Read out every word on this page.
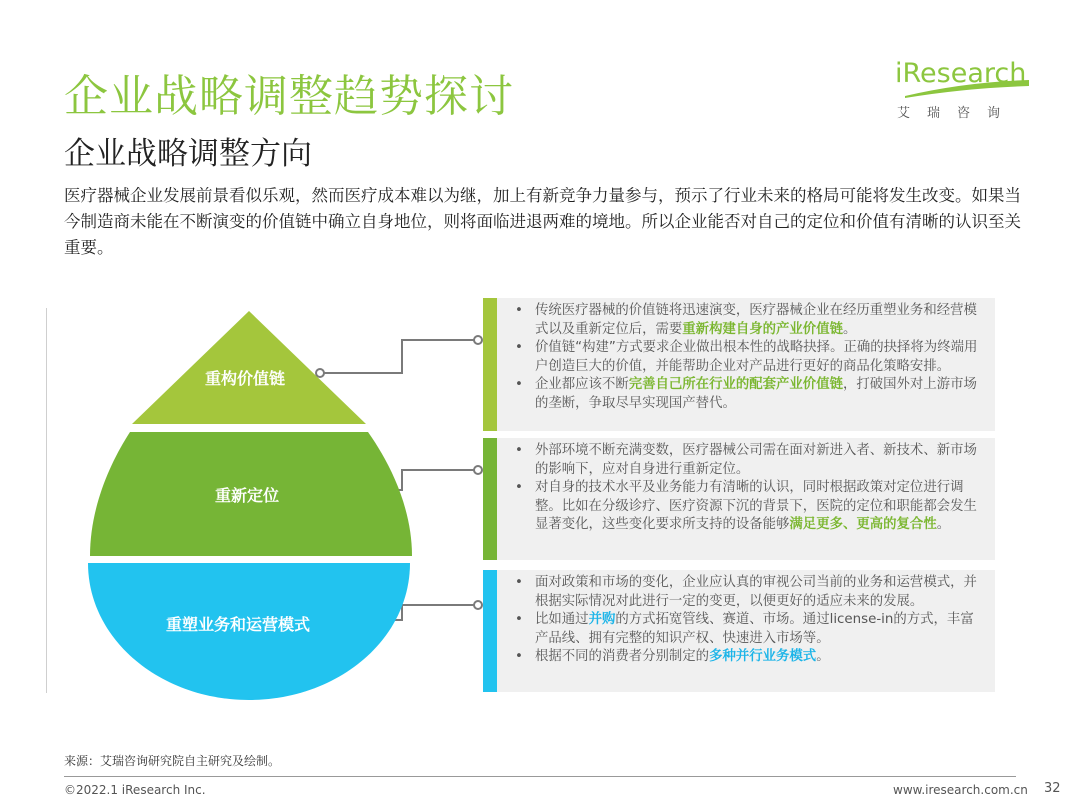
企业战略调整趋势探讨
企业战略调整方向
医疗器械企业发展前景看似乐观，然而医疗成本难以为继，加上有新竞争力量参与，预示了行业未来的格局可能将发生改变。如果当今制造商未能在不断演变的价值链中确立自身地位，则将面临进退两难的境地。所以企业能否对自己的定位和价值有清晰的认识至关重要。
iResearch
艾瑞咨询
重构价值链
重新定位
重塑业务和运营模式
• 传统医疗器械的价值链将迅速演变，医疗器械企业在经历重塑业务和经营模式以及重新定位后，需要重新构建自身的产业价值链。
• 价值链“构建”方式要求企业做出根本性的战略抉择。正确的抉择将为终端用户创造巨大的价值，并能帮助企业对产品进行更好的商品化策略安排。
• 企业都应该不断完善自己所在行业的配套产业价值链，打破国外对上游市场的垄断，争取尽早实现国产替代。
• 外部环境不断充满变数，医疗器械公司需在面对新进入者、新技术、新市场的影响下，应对自身进行重新定位。
• 对自身的技术水平及业务能力有清晰的认识，同时根据政策对定位进行调整。比如在分级诊疗、医疗资源下沉的背景下，医院的定位和职能都会发生显著变化，这些变化要求所支持的设备能够满足更多、更高的复合性。
• 面对政策和市场的变化，企业应认真的审视公司当前的业务和运营模式，并根据实际情况对此进行一定的变更，以便更好的适应未来的发展。
• 比如通过并购的方式拓宽管线、赛道、市场。通过license-in的方式，丰富产品线、拥有完整的知识产权、快速进入市场等。
• 根据不同的消费者分别制定的多种并行业务模式。
来源：艾瑞咨询研究院自主研究及绘制。
©2022.1 iResearch Inc.	www.iresearch.com.cn 32
